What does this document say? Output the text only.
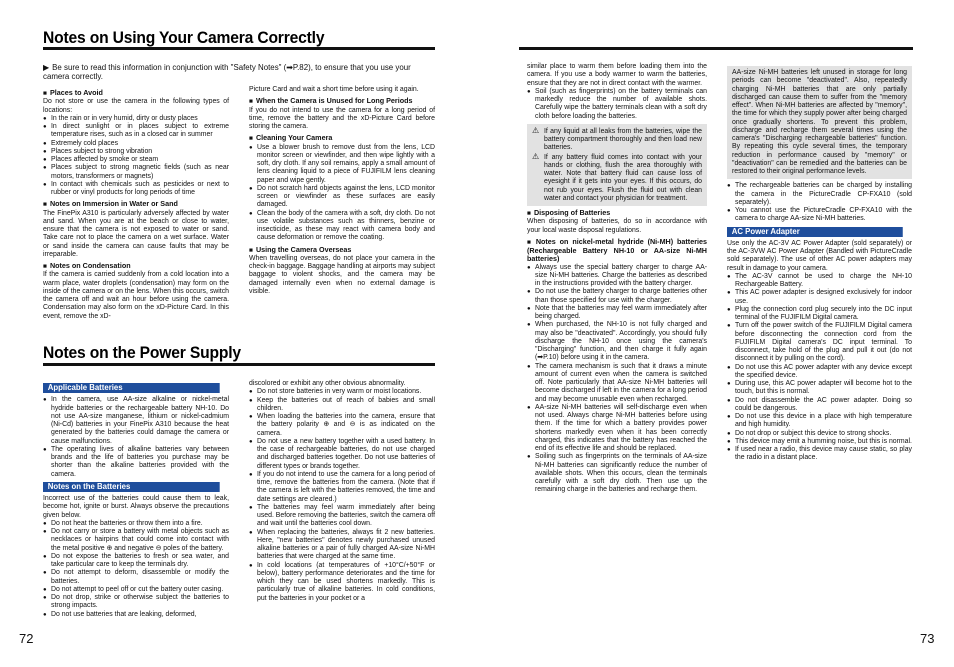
Notes on Using Your Camera Correctly
▶ Be sure to read this information in conjunction with "Safety Notes" (➡P.82), to ensure that you use your camera correctly.

■ Places to Avoid

Do not store or use the camera in the following types of locations:

● In the rain or in very humid, dirty or dusty places

● In direct sunlight or in places subject to extreme temperature rises, such as in a closed car in summer

● Extremely cold places

● Places subject to strong vibration

● Places affected by smoke or steam

● Places subject to strong magnetic fields (such as near motors, transformers or magnets)

● In contact with chemicals such as pesticides or next to rubber or vinyl products for long periods of time

■ Notes on Immersion in Water or Sand

The FinePix A310 is particularly adversely affected by water and sand. When you are at the beach or close to water, ensure that the camera is not exposed to water or sand. Take care not to place the camera on a wet surface. Water or sand inside the camera can cause faults that may be irreparable.

■ Notes on Condensation

If the camera is carried suddenly from a cold location into a warm place, water droplets (condensation) may form on the inside of the camera or on the lens. When this occurs, switch the camera off and wait an hour before using the camera. Condensation may also form on the xD-Picture Card. In this event, remove the xD-

Picture Card and wait a short time before using it again.

■ When the Camera is Unused for Long Periods

If you do not intend to use the camera for a long period of time, remove the battery and the xD-Picture Card before storing the camera.

■ Cleaning Your Camera

● Use a blower brush to remove dust from the lens, LCD monitor screen or viewfinder, and then wipe lightly with a soft, dry cloth. If any soil remains, apply a small amount of lens cleaning liquid to a piece of FUJIFILM lens cleaning paper and wipe gently.

● Do not scratch hard objects against the lens, LCD monitor screen or viewfinder as these surfaces are easily damaged.

● Clean the body of the camera with a soft, dry cloth. Do not use volatile substances such as thinners, benzine or insecticide, as these may react with camera body and cause deformation or remove the coating.

■ Using the Camera Overseas

When travelling overseas, do not place your camera in the check-in baggage. Baggage handling at airports may subject baggage to violent shocks, and the camera may be damaged internally even when no external damage is visible.

Notes on the Power Supply

Applicable Batteries

● In the camera, use AA-size alkaline or nickel-metal hydride batteries or the rechargeable battery NH-10. Do not use AA-size manganese, lithium or nickel-cadmium (Ni-Cd) batteries in your FinePix A310 because the heat generated by the batteries could damage the camera or cause malfunctions.

● The operating lives of alkaline batteries vary between brands and the life of batteries you purchase may be shorter than the alkaline batteries provided with the camera.

Notes on the Batteries

Incorrect use of the batteries could cause them to leak, become hot, ignite or burst. Always observe the precautions given below.

● Do not heat the batteries or throw them into a fire.

● Do not carry or store a battery with metal objects such as necklaces or hairpins that could come into contact with the metal positive ⊕ and negative ⊖ poles of the battery.

● Do not expose the batteries to fresh or sea water, and take particular care to keep the terminals dry.

● Do not attempt to deform, disassemble or modify the batteries.

● Do not attempt to peel off or cut the battery outer casing.

● Do not drop, strike or otherwise subject the batteries to strong impacts.

● Do not use batteries that are leaking, deformed,

discolored or exhibit any other obvious abnormality.

● Do not store batteries in very warm or moist locations.

● Keep the batteries out of reach of babies and small children.

● When loading the batteries into the camera, ensure that the battery polarity ⊕ and ⊖ is as indicated on the camera.

● Do not use a new battery together with a used battery. In the case of rechargeable batteries, do not use charged and discharged batteries together. Do not use batteries of different types or brands together.

● If you do not intend to use the camera for a long period of time, remove the batteries from the camera. (Note that if the camera is left with the batteries removed, the time and date settings are cleared.)

● The batteries may feel warm immediately after being used. Before removing the batteries, switch the camera off and wait until the batteries cool down.

● When replacing the batteries, always fit 2 new batteries. Here, "new batteries" denotes newly purchased unused alkaline batteries or a pair of fully charged AA-size Ni-MH batteries that were charged at the same time.

● In cold locations (at temperatures of +10°C/+50°F or below), battery performance deteriorates and the time for which they can be used shortens markedly. This is particularly true of alkaline batteries. In cold conditions, put the batteries in your pocket or a

72

similar place to warm them before loading them into the camera. If you use a body warmer to warm the batteries, ensure that they are not in direct contact with the warmer.

● Soil (such as fingerprints) on the battery terminals can markedly reduce the number of available shots. Carefully wipe the battery terminals clean with a soft dry cloth before loading the batteries.

⚠ If any liquid at all leaks from the batteries, wipe the battery compartment thoroughly and then load new batteries.

⚠ If any battery fluid comes into contact with your hands or clothing, flush the area thoroughly with water. Note that battery fluid can cause loss of eyesight if it gets into your eyes. If this occurs, do not rub your eyes. Flush the fluid out with clean water and contact your physician for treatment.

■ Disposing of Batteries

When disposing of batteries, do so in accordance with your local waste disposal regulations.

■ Notes on nickel-metal hydride (Ni-MH) batteries (Rechargeable Battery NH-10 or AA-size Ni-MH batteries)

● Always use the special battery charger to charge AA-size Ni-MH batteries. Charge the batteries as described in the instructions provided with the battery charger.

● Do not use the battery charger to charge batteries other than those specified for use with the charger.

● Note that the batteries may feel warm immediately after being charged.

● When purchased, the NH-10 is not fully charged and may also be "deactivated". Accordingly, you should fully discharge the NH-10 once using the camera's "Discharging" function, and then charge it fully again (➡P.10) before using it in the camera.

● The camera mechanism is such that it draws a minute amount of current even when the camera is switched off. Note particularly that AA-size Ni-MH batteries will become discharged if left in the camera for a long period and may become unusable even when recharged.

● AA-size Ni-MH batteries will self-discharge even when not used. Always charge Ni-MH batteries before using them. If the time for which a battery provides power shortens markedly even when it has been correctly charged, this indicates that the battery has reached the end of its effective life and should be replaced.

● Soiling such as fingerprints on the terminals of AA-size Ni-MH batteries can significantly reduce the number of available shots. When this occurs, clean the terminals carefully with a soft dry cloth. Then use up the remaining charge in the batteries and recharge them.

AA-size Ni-MH batteries left unused in storage for long periods can become "deactivated". Also, repeatedly charging Ni-MH batteries that are only partially discharged can cause them to suffer from the "memory effect". When Ni-MH batteries are affected by "memory", the time for which they supply power after being charged once gradually shortens. To prevent this problem, discharge and recharge them several times using the camera's "Discharging rechargeable batteries" function. By repeating this cycle several times, the temporary reduction in performance caused by "memory" or "deactivation" can be remedied and the batteries can be restored to their original performance levels.

● The rechargeable batteries can be charged by installing the camera in the PictureCradle CP-FXA10 (sold separately).

● You cannot use the PictureCradle CP-FXA10 with the camera to charge AA-size Ni-MH batteries.

AC Power Adapter

Use only the AC-3V AC Power Adapter (sold separately) or the AC-3VW AC Power Adapter (Bandled with PictureCradle sold separately). The use of other AC power adapters may result in damage to your camera.

● The AC-3V cannot be used to charge the NH-10 Rechargeable Battery.

● This AC power adapter is designed exclusively for indoor use.

● Plug the connection cord plug securely into the DC input terminal of the FUJIFILM Digital camera.

● Turn off the power switch of the FUJIFILM Digital camera before disconnecting the connection cord from the FUJIFILM Digital camera's DC input terminal. To disconnect, take hold of the plug and pull it out (do not disconnect it by pulling on the cord).

● Do not use this AC power adapter with any device except the specified device.

● During use, this AC power adapter will become hot to the touch, but this is normal.

● Do not disassemble the AC power adapter. Doing so could be dangerous.

● Do not use this device in a place with high temperature and high humidity.

● Do not drop or subject this device to strong shocks.

● This device may emit a humming noise, but this is normal.

● If used near a radio, this device may cause static, so play the radio in a distant place.

73
